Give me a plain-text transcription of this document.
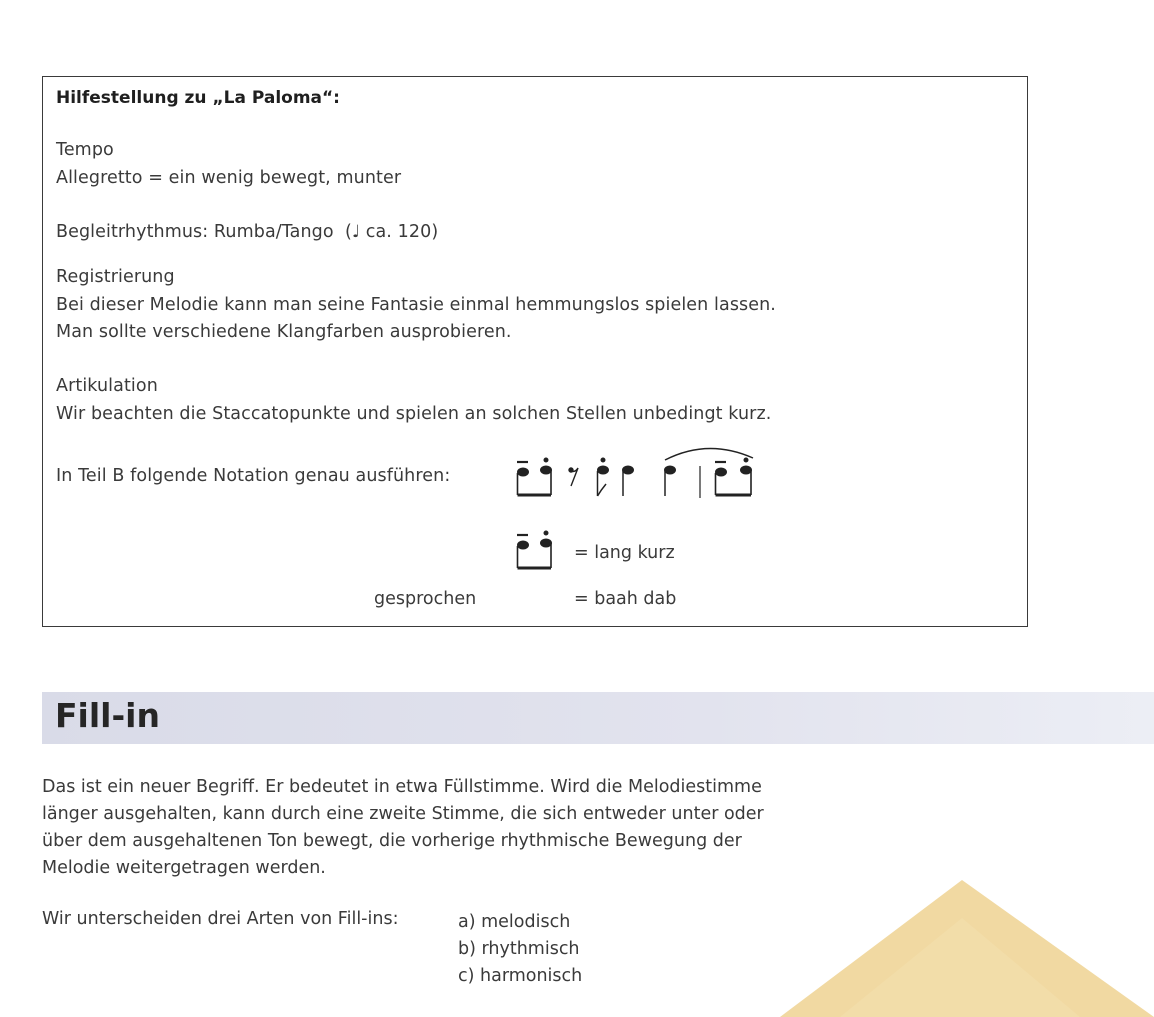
Hilfestellung zu „La Paloma“:
Tempo
Allegretto = ein wenig bewegt, munter
Begleitrhythmus: Rumba/Tango (♩ ca. 120)
Registrierung
Bei dieser Melodie kann man seine Fantasie einmal hemmungslos spielen lassen.
Man sollte verschiedene Klangfarben ausprobieren.
Artikulation
Wir beachten die Staccatopunkte und spielen an solchen Stellen unbedingt kurz.
In Teil B folgende Notation genau ausführen:
= lang kurz
gesprochen	= baah dab
Fill-in
Das ist ein neuer Begriff. Er bedeutet in etwa Füllstimme. Wird die Melodiestimme
länger ausgehalten, kann durch eine zweite Stimme, die sich entweder unter oder
über dem ausgehaltenen Ton bewegt, die vorherige rhythmische Bewegung der
Melodie weitergetragen werden.
Wir unterscheiden drei Arten von Fill-ins:	a) melodisch
b) rhythmisch
c) harmonisch
